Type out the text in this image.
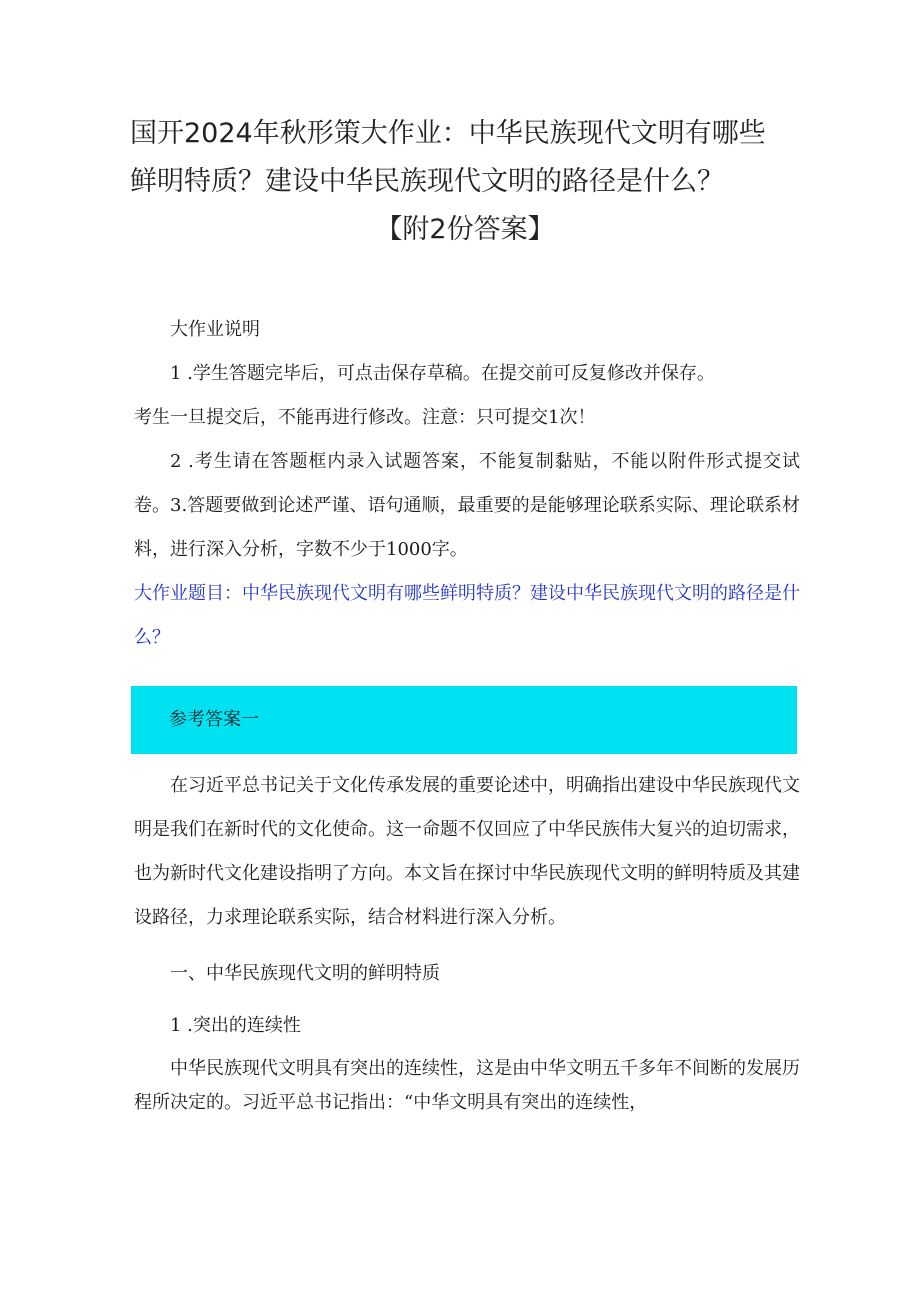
国开2024年秋形策大作业：中华民族现代文明有哪些
鲜明特质？建设中华民族现代文明的路径是什么？
【附2份答案】

大作业说明

1 .学生答题完毕后，可点击保存草稿。在提交前可反复修改并保存。

考生一旦提交后，不能再进行修改。注意：只可提交1次！

2 .考生请在答题框内录入试题答案，不能复制黏贴，不能以附件形式提交试卷。3.答题要做到论述严谨、语句通顺，最重要的是能够理论联系实际、理论联系材料，进行深入分析，字数不少于1000字。

大作业题目：中华民族现代文明有哪些鲜明特质？建设中华民族现代文明的路径是什么？

参考答案一

在习近平总书记关于文化传承发展的重要论述中，明确指出建设中华民族现代文明是我们在新时代的文化使命。这一命题不仅回应了中华民族伟大复兴的迫切需求，也为新时代文化建设指明了方向。本文旨在探讨中华民族现代文明的鲜明特质及其建设路径，力求理论联系实际，结合材料进行深入分析。

一、中华民族现代文明的鲜明特质

1 .突出的连续性

中华民族现代文明具有突出的连续性，这是由中华文明五千多年不间断的发展历程所决定的。习近平总书记指出：“中华文明具有突出的连续性，
